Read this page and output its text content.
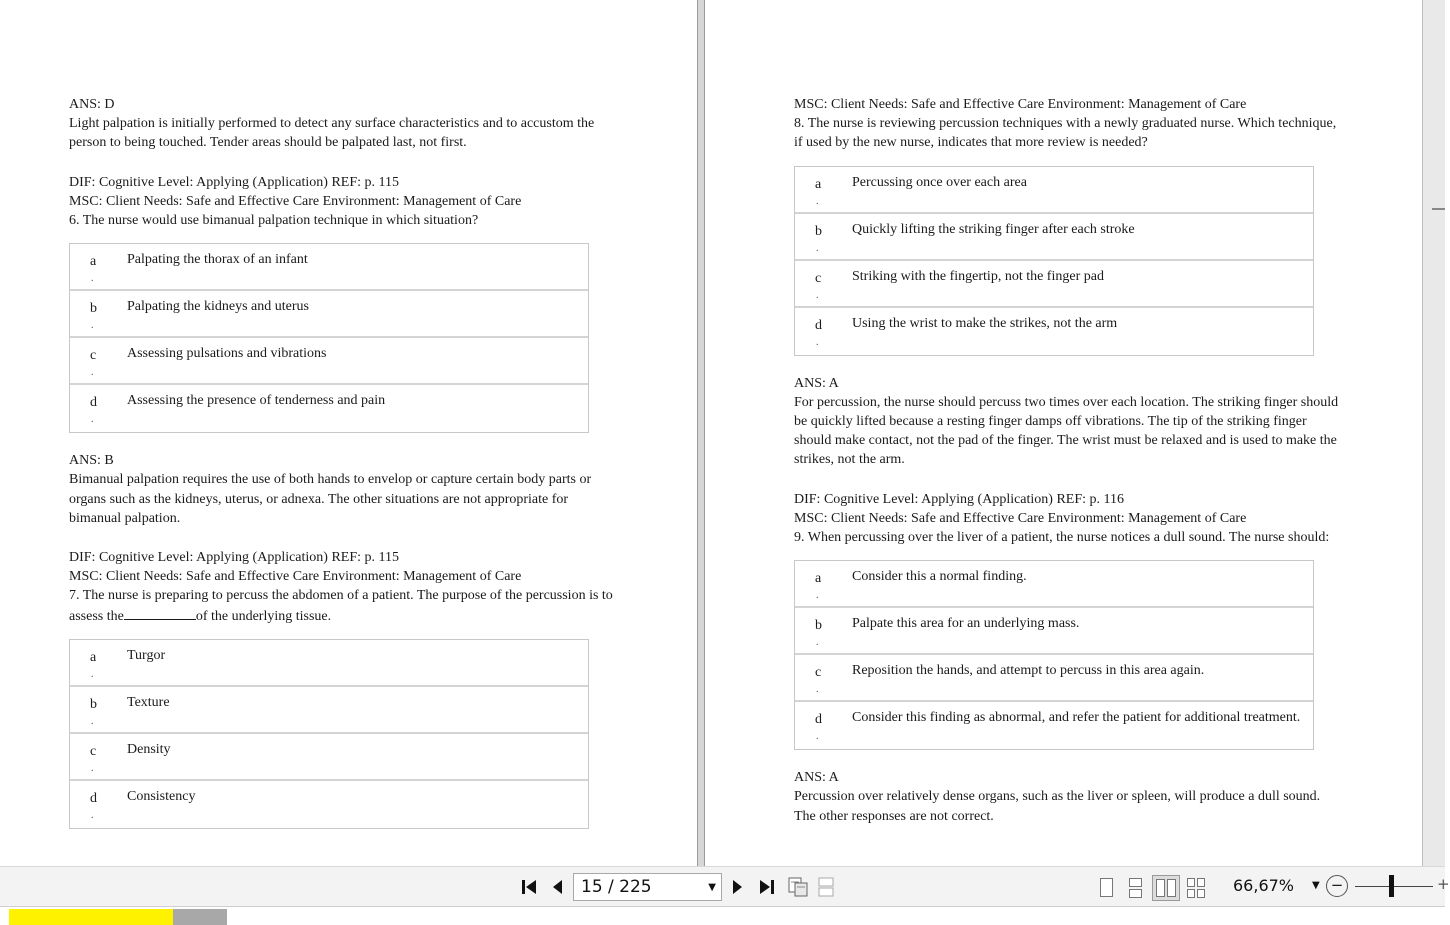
ANS: D

Light palpation is initially performed to detect any surface characteristics and to accustom the

person to being touched. Tender areas should be palpated last, not first.

DIF: Cognitive Level: Applying (Application) REF: p. 115

MSC: Client Needs: Safe and Effective Care Environment: Management of Care

6. The nurse would use bimanual palpation technique in which situation?

a
.
Palpating the thorax of an infant
b
.
Palpating the kidneys and uterus
c
.
Assessing pulsations and vibrations
d
.
Assessing the presence of tenderness and pain

ANS: B

Bimanual palpation requires the use of both hands to envelop or capture certain body parts or

organs such as the kidneys, uterus, or adnexa. The other situations are not appropriate for

bimanual palpation.

DIF: Cognitive Level: Applying (Application) REF: p. 115

MSC: Client Needs: Safe and Effective Care Environment: Management of Care

7. The nurse is preparing to percuss the abdomen of a patient. The purpose of the percussion is to

assess the	of the underlying tissue.

a
.
Turgor
b
.
Texture
c
.
Density
d
.
Consistency

MSC: Client Needs: Safe and Effective Care Environment: Management of Care

8. The nurse is reviewing percussion techniques with a newly graduated nurse. Which technique,

if used by the new nurse, indicates that more review is needed?

a
.
Percussing once over each area
b
.
Quickly lifting the striking finger after each stroke
c
.
Striking with the fingertip, not the finger pad
d
.
Using the wrist to make the strikes, not the arm

ANS: A

For percussion, the nurse should percuss two times over each location. The striking finger should

be quickly lifted because a resting finger damps off vibrations. The tip of the striking finger

should make contact, not the pad of the finger. The wrist must be relaxed and is used to make the

strikes, not the arm.

DIF: Cognitive Level: Applying (Application) REF: p. 116

MSC: Client Needs: Safe and Effective Care Environment: Management of Care

9. When percussing over the liver of a patient, the nurse notices a dull sound. The nurse should:

a
.
Consider this a normal finding.
b
.
Palpate this area for an underlying mass.
c
.
Reposition the hands, and attempt to percuss in this area again.
d
.
Consider this finding as abnormal, and refer the patient for additional treatment.

ANS: A

Percussion over relatively dense organs, such as the liver or spleen, will produce a dull sound.

The other responses are not correct.

15 / 225	▼	66,67% ▼ −	+
